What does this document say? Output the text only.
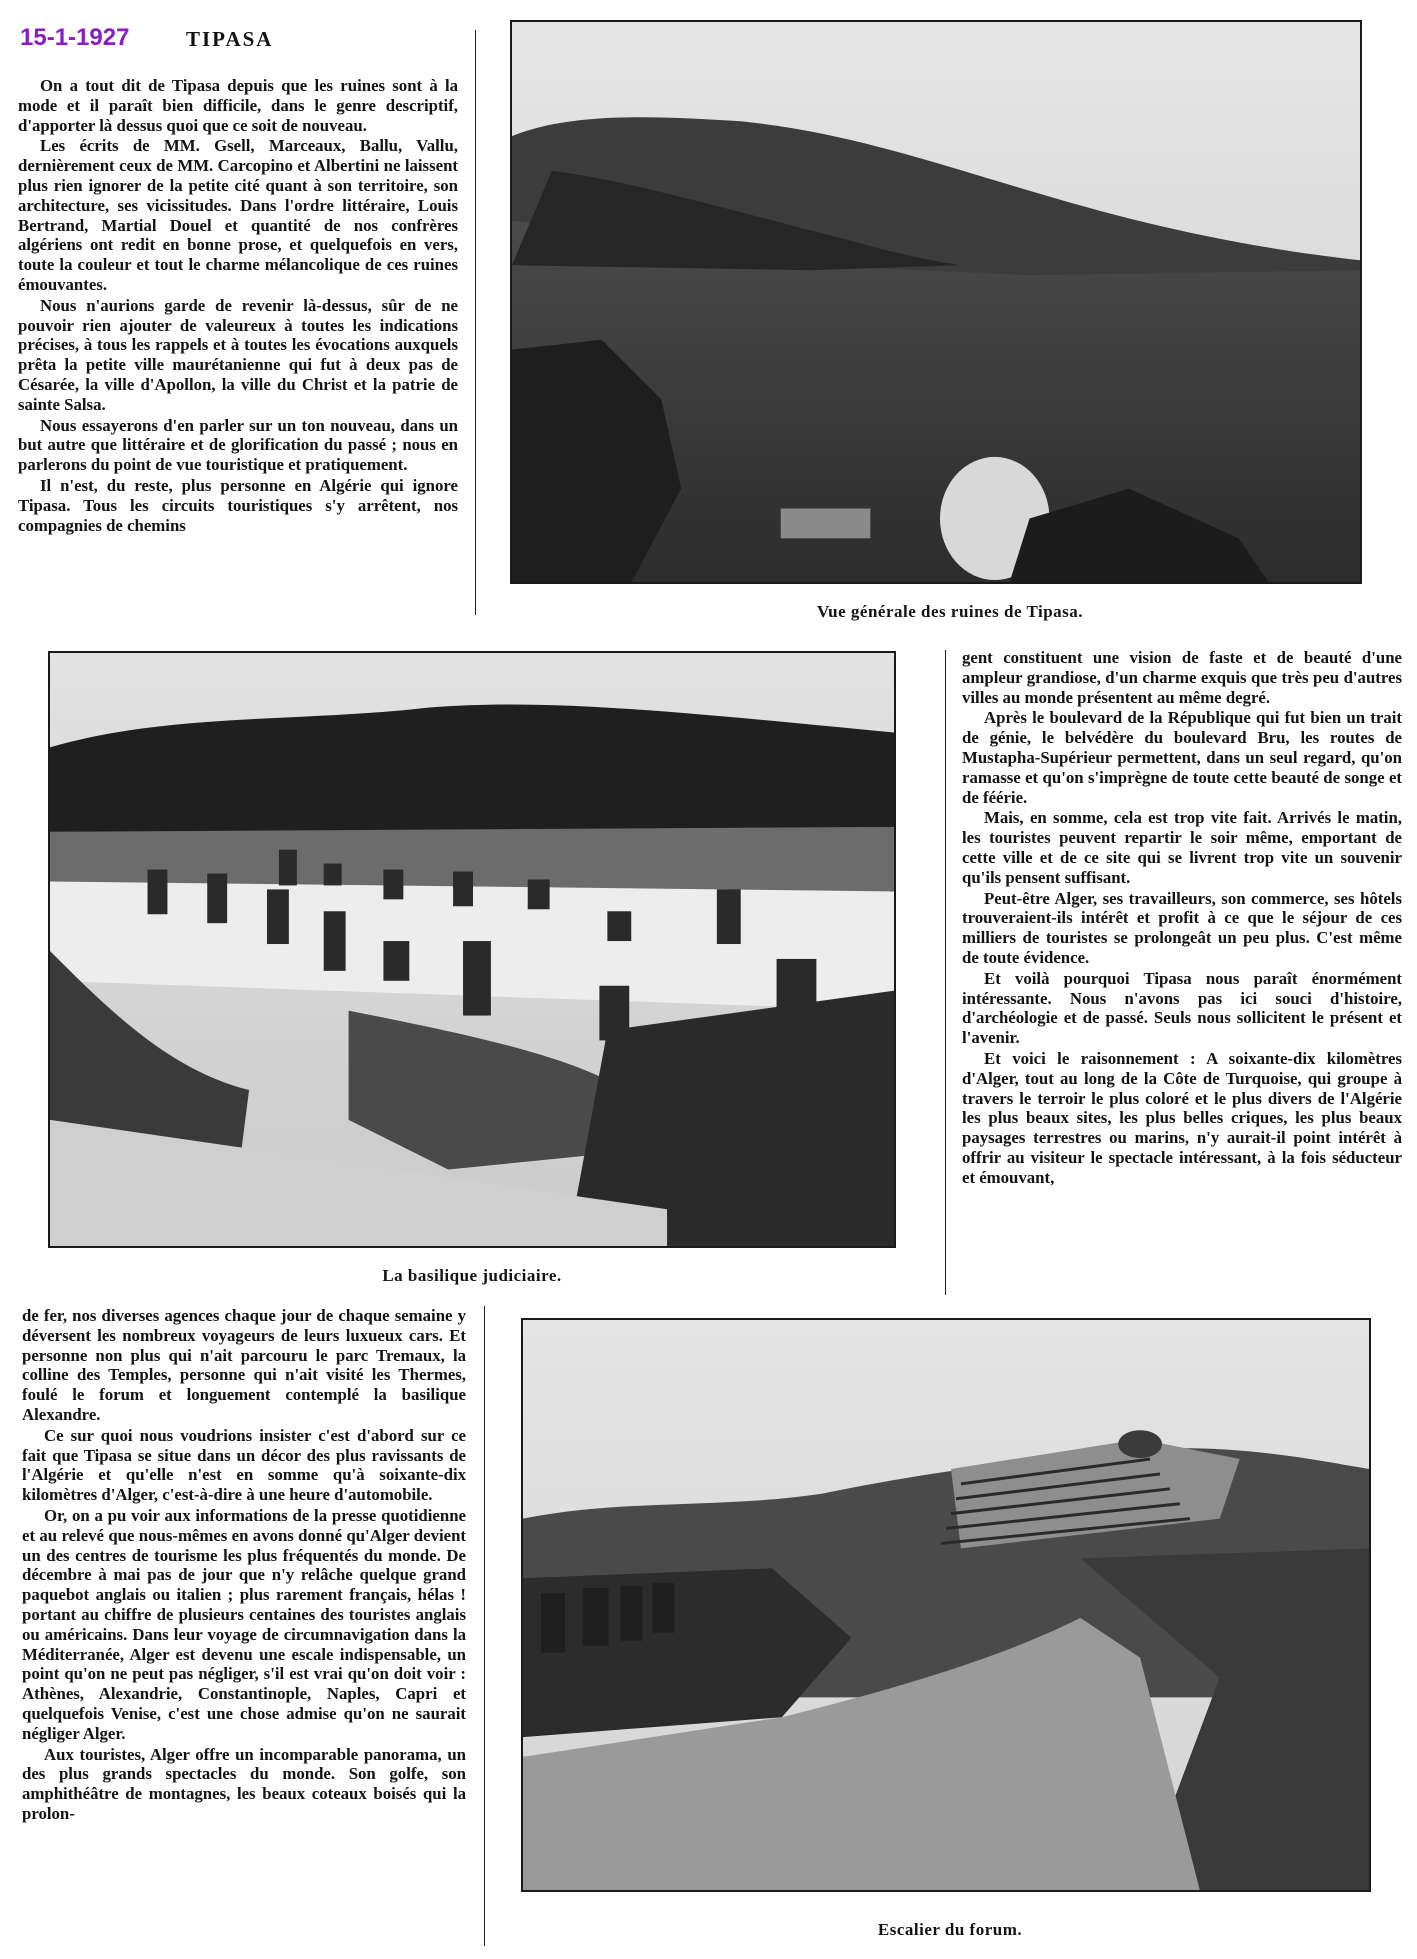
15-1-1927	TIPASA

On a tout dit de Tipasa depuis que les ruines sont à la mode et il paraît bien difficile, dans le genre descriptif, d'apporter là dessus quoi que ce soit de nouveau.

Les écrits de MM. Gsell, Marceaux, Ballu, Vallu, dernièrement ceux de MM. Carcopino et Albertini ne laissent plus rien ignorer de la petite cité quant à son territoire, son architecture, ses vicissitudes. Dans l'ordre littéraire, Louis Bertrand, Martial Douel et quantité de nos confrères algériens ont redit en bonne prose, et quelquefois en vers, toute la couleur et tout le charme mélancolique de ces ruines émouvantes.

Nous n'aurions garde de revenir là-dessus, sûr de ne pouvoir rien ajouter de valeureux à toutes les indications précises, à tous les rappels et à toutes les évocations auxquels prêta la petite ville maurétanienne qui fut à deux pas de Césarée, la ville d'Apollon, la ville du Christ et la patrie de sainte Salsa.

Nous essayerons d'en parler sur un ton nouveau, dans un but autre que littéraire et de glorification du passé ; nous en parlerons du point de vue touristique et pratiquement.

Il n'est, du reste, plus personne en Algérie qui ignore Tipasa. Tous les circuits touristiques s'y arrêtent, nos compagnies de chemins

Vue générale des ruines de Tipasa.
La basilique judiciaire.

gent constituent une vision de faste et de beauté d'une ampleur grandiose, d'un charme exquis que très peu d'autres villes au monde présentent au même degré.

Après le boulevard de la République qui fut bien un trait de génie, le belvédère du boulevard Bru, les routes de Mustapha-Supérieur permettent, dans un seul regard, qu'on ramasse et qu'on s'imprègne de toute cette beauté de songe et de féérie.

Mais, en somme, cela est trop vite fait. Arrivés le matin, les touristes peuvent repartir le soir même, emportant de cette ville et de ce site qui se livrent trop vite un souvenir qu'ils pensent suffisant.

Peut-être Alger, ses travailleurs, son commerce, ses hôtels trouveraient-ils intérêt et profit à ce que le séjour de ces milliers de touristes se prolongeât un peu plus. C'est même de toute évidence.

Et voilà pourquoi Tipasa nous paraît énormément intéressante. Nous n'avons pas ici souci d'histoire, d'archéologie et de passé. Seuls nous sollicitent le présent et l'avenir.

Et voici le raisonnement : A soixante-dix kilomètres d'Alger, tout au long de la Côte de Turquoise, qui groupe à travers le terroir le plus coloré et le plus divers de l'Algérie les plus beaux sites, les plus belles criques, les plus beaux paysages terrestres ou marins, n'y aurait-il point intérêt à offrir au visiteur le spectacle intéressant, à la fois séducteur et émouvant,

de fer, nos diverses agences chaque jour de chaque semaine y déversent les nombreux voyageurs de leurs luxueux cars. Et personne non plus qui n'ait parcouru le parc Tremaux, la colline des Temples, personne qui n'ait visité les Thermes, foulé le forum et longuement contemplé la basilique Alexandre.

Ce sur quoi nous voudrions insister c'est d'abord sur ce fait que Tipasa se situe dans un décor des plus ravissants de l'Algérie et qu'elle n'est en somme qu'à soixante-dix kilomètres d'Alger, c'est-à-dire à une heure d'automobile.

Or, on a pu voir aux informations de la presse quotidienne et au relevé que nous-mêmes en avons donné qu'Alger devient un des centres de tourisme les plus fréquentés du monde. De décembre à mai pas de jour que n'y relâche quelque grand paquebot anglais ou italien ; plus rarement français, hélas ! portant au chiffre de plusieurs centaines des touristes anglais ou américains. Dans leur voyage de circumnavigation dans la Méditerranée, Alger est devenu une escale indispensable, un point qu'on ne peut pas négliger, s'il est vrai qu'on doit voir : Athènes, Alexandrie, Constantinople, Naples, Capri et quelquefois Venise, c'est une chose admise qu'on ne saurait négliger Alger.

Aux touristes, Alger offre un incomparable panorama, un des plus grands spectacles du monde. Son golfe, son amphithéâtre de montagnes, les beaux coteaux boisés qui la prolon-

Escalier du forum.
